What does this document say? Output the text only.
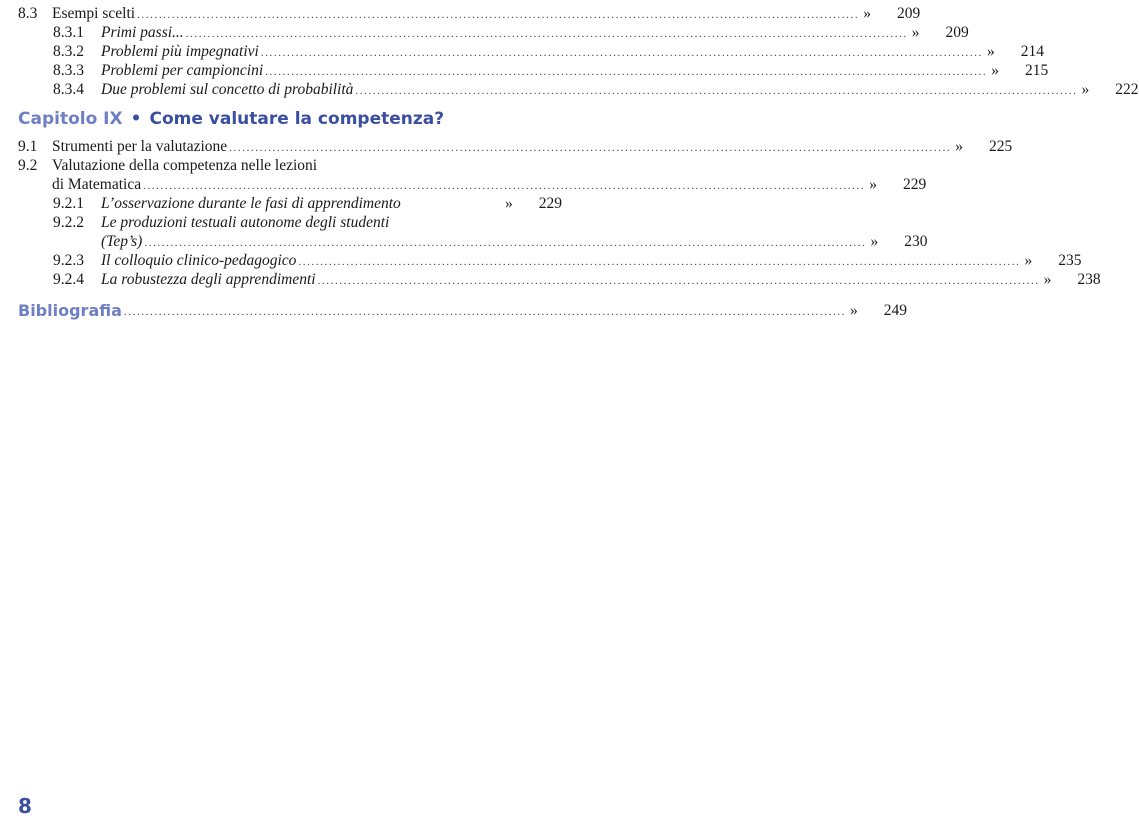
8.3 Esempi scelti .....	»	209
8.3.1	Primi passi... .....	»	209
8.3.2	Problemi più impegnativi .....	»	214
8.3.3	Problemi per campioncini .....	»	215
8.3.4	Due problemi sul concetto di probabilità .....	»	222
Capitolo IX • Come valutare la competenza?
9.1 Strumenti per la valutazione .....	»	225
9.2 Valutazione della competenza nelle lezioni
di Matematica .....	»	229
9.2.1	L’osservazione durante le fasi di apprendimento	»	229
9.2.2	Le produzioni testuali autonome degli studenti
(Tep’s) .....	»	230
9.2.3	Il colloquio clinico-pedagogico .....	»	235
9.2.4	La robustezza degli apprendimenti .....	»	238
Bibliografia .....	»	249
8
